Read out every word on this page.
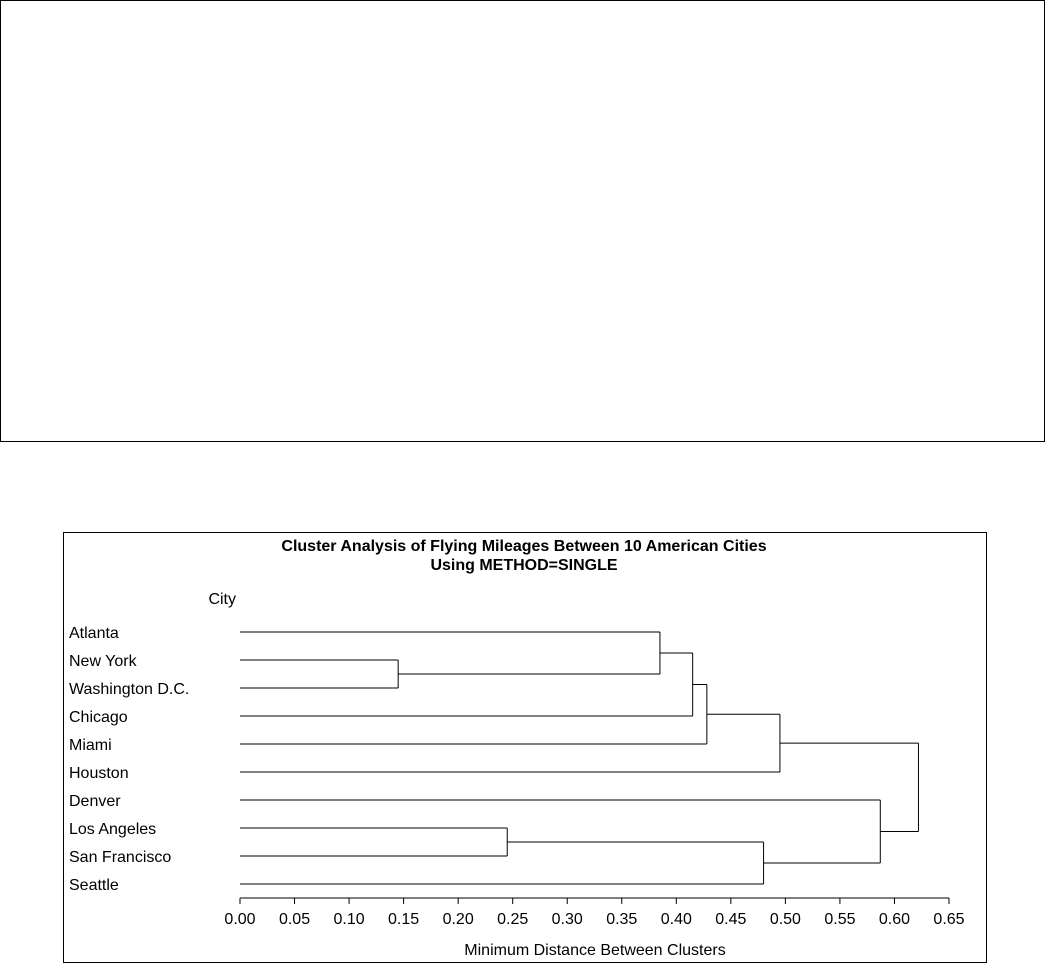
Cluster Analysis of Flying Mileages Between 10 American Cities
Using METHOD=SINGLE
City
Minimum Distance Between Clusters
Atlanta
New York
Washington D.C.
Chicago
Miami
Houston
Denver
Los Angeles
San Francisco
Seattle
0.00 0.05 0.10 0.15 0.20 0.25 0.30 0.35 0.40 0.45 0.50 0.55 0.60 0.65
